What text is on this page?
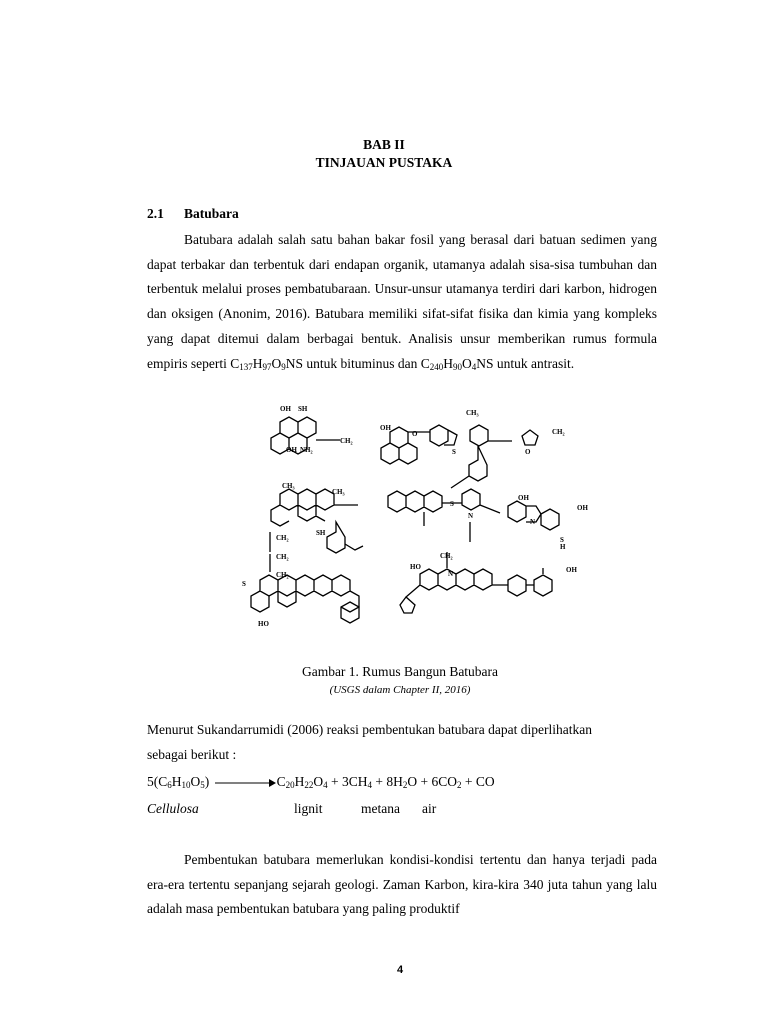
BAB II
TINJAUAN PUSTAKA
2.1 Batubara

Batubara adalah salah satu bahan bakar fosil yang berasal dari batuan sedimen yang dapat terbakar dan terbentuk dari endapan organik, utamanya adalah sisa-sisa tumbuhan dan terbentuk melalui proses pembatubaraan. Unsur-unsur utamanya terdiri dari karbon, hidrogen dan oksigen (Anonim, 2016). Batubara memiliki sifat-sifat fisika dan kimia yang kompleks yang dapat ditemui dalam berbagai bentuk. Analisis unsur memberikan rumus formula empiris seperti $C_{137}H_{97}O_9NS$ untuk bituminus dan $C_{240}H_{90}O_4NS$ untuk antrasit.

OH SH
CH₂
OH
OH NH₂
O
CH₃
S
CH₂
O
CH₃
CH₃
SH
S
N
OH
N
OH
S
CH₂
CH₂
CH₂
S
HO
CH₂
N
HO	OH
H
Gambar 1. Rumus Bangun Batubara
(USGS dalam Chapter II, 2016)

Menurut Sukandarrumidi (2006) reaksi pembentukan batubara dapat diperlihatkan

sebagai berikut :

$5(C_6H_{10}O_5)$	$C_{20}H_{22}O_4 + 3CH_4 + 8H_2O + 6CO_2$ + CO
Cellulosa	lignit	metana air

Pembentukan batubara memerlukan kondisi-kondisi tertentu dan hanya terjadi pada era-era tertentu sepanjang sejarah geologi. Zaman Karbon, kira-kira 340 juta tahun yang lalu adalah masa pembentukan batubara yang paling produktif

4
